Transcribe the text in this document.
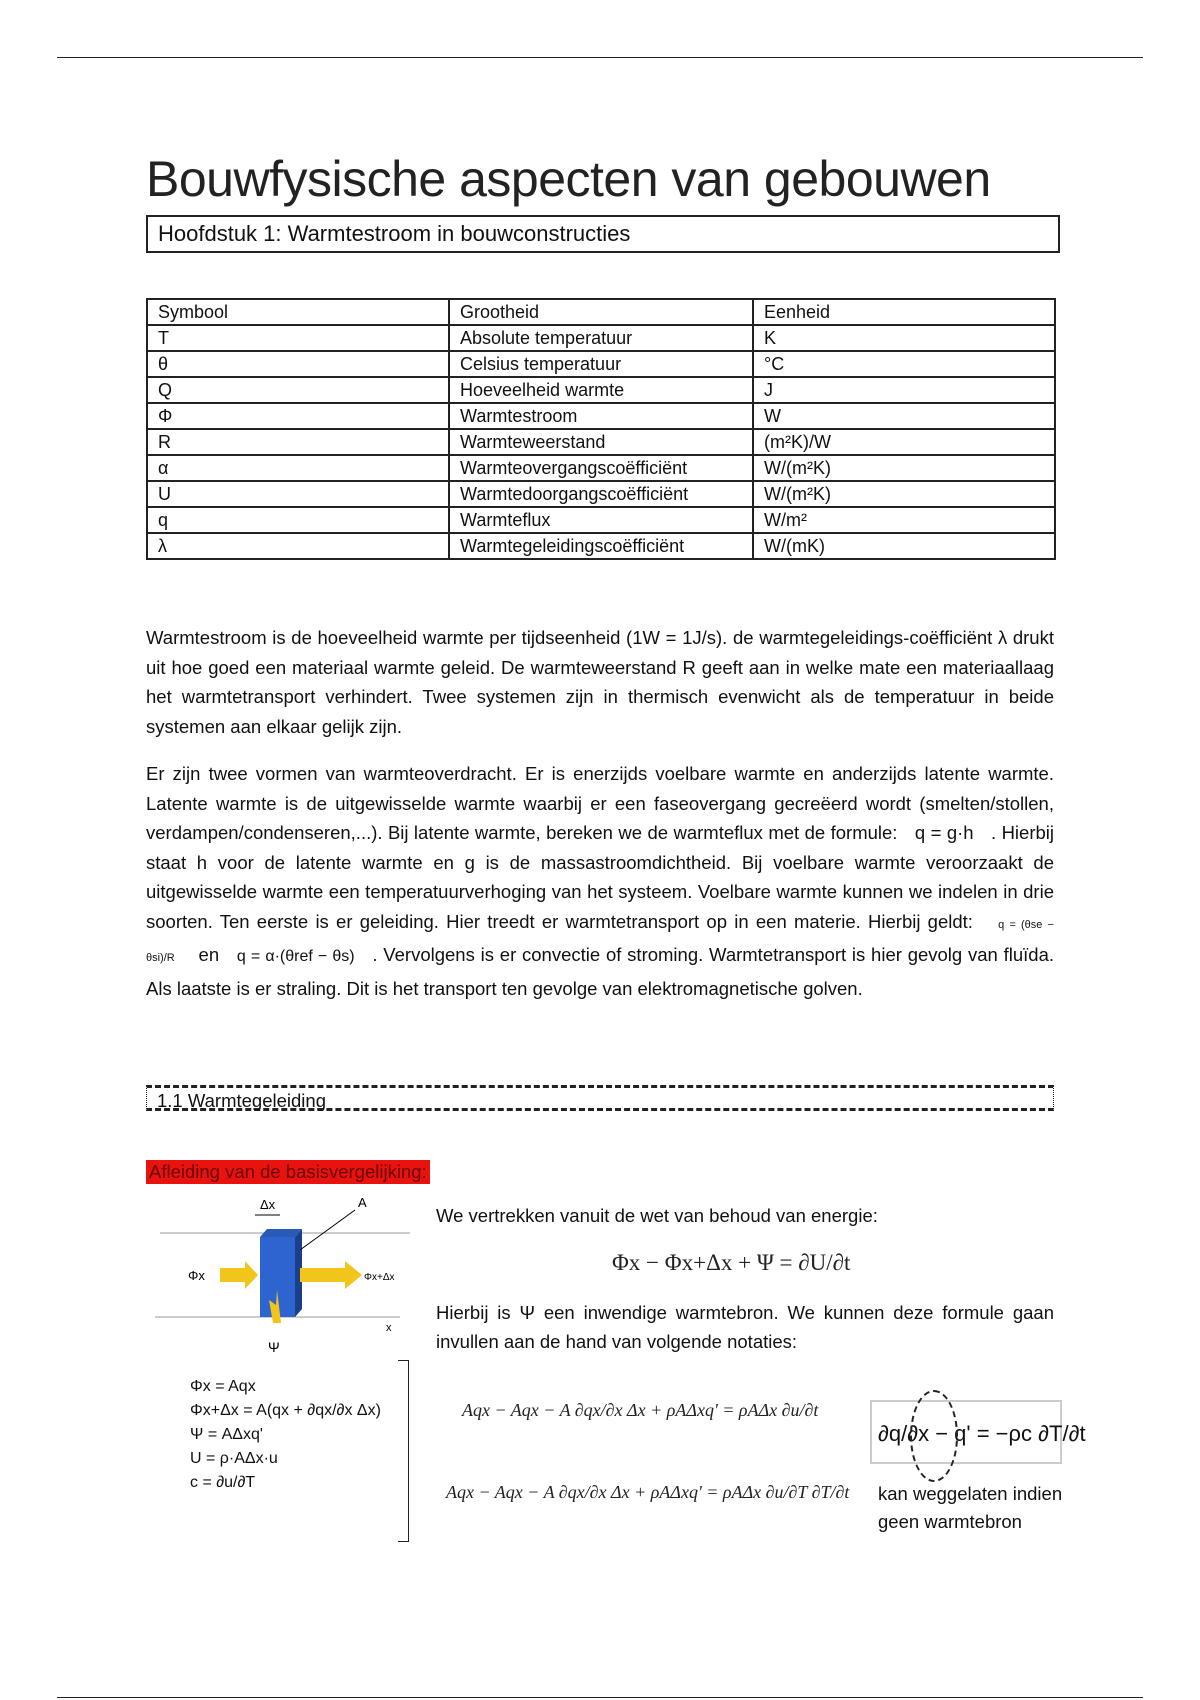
Bouwfysische aspecten van gebouwen
Hoofdstuk 1: Warmtestroom in bouwconstructies
Symbool	Grootheid	Eenheid
T	Absolute temperatuur	K
θ	Celsius temperatuur	°C
Q	Hoeveelheid warmte	J
Φ	Warmtestroom	W
R	Warmteweerstand	(m²K)/W
α	Warmteovergangscoëfficiënt	W/(m²K)
U	Warmtedoorgangscoëfficiënt	W/(m²K)
q	Warmteflux	W/m²
λ	Warmtegeleidingscoëfficiënt	W/(mK)
Warmtestroom is de hoeveelheid warmte per tijdseenheid (1W = 1J/s). de warmtegeleidings-coëfficiënt λ drukt uit hoe goed een materiaal warmte geleid. De warmteweerstand R geeft aan in welke mate een materiaallaag het warmtetransport verhindert. Twee systemen zijn in thermisch evenwicht als de temperatuur in beide systemen aan elkaar gelijk zijn.
Er zijn twee vormen van warmteoverdracht. Er is enerzijds voelbare warmte en anderzijds latente warmte. Latente warmte is de uitgewisselde warmte waarbij er een faseovergang gecreëerd wordt (smelten/stollen, verdampen/condenseren,...). Bij latente warmte, bereken we de warmteflux met de formule: q = g·h . Hierbij staat h voor de latente warmte en g is de massastroomdichtheid. Bij voelbare warmte veroorzaakt de uitgewisselde warmte een temperatuurverhoging van het systeem. Voelbare warmte kunnen we indelen in drie soorten. Ten eerste is er geleiding. Hier treedt er warmtetransport op in een materie. Hierbij geldt: q = (θse − θsi)/R en q = α·(θref − θs) . Vervolgens is er convectie of stroming. Warmtetransport is hier gevolg van fluïda. Als laatste is er straling. Dit is het transport ten gevolge van elektromagnetische golven.
1.1 Warmtegeleiding
Afleiding van de basisvergelijking:
Δx	A
Φx	Φx+Δx
x
Ψ
We vertrekken vanuit de wet van behoud van energie:
Φx − Φx+Δx + Ψ = ∂U/∂t
Hierbij is Ψ een inwendige warmtebron. We kunnen deze formule gaan invullen aan de hand van volgende notaties:
Φx = Aqx
Φx+Δx = A(qx + ∂qx/∂x Δx)
Ψ = AΔxq'
U = ρ·AΔx·u
c = ∂u/∂T
Aqx − Aqx − A ∂qx/∂x Δx + ρAΔxq' = ρAΔx ∂u/∂t
Aqx − Aqx − A ∂qx/∂x Δx + ρAΔxq' = ρAΔx ∂u/∂T ∂T/∂t
∂q/∂x − q' = −ρc ∂T/∂t
kan weggelaten indien geen warmtebron
